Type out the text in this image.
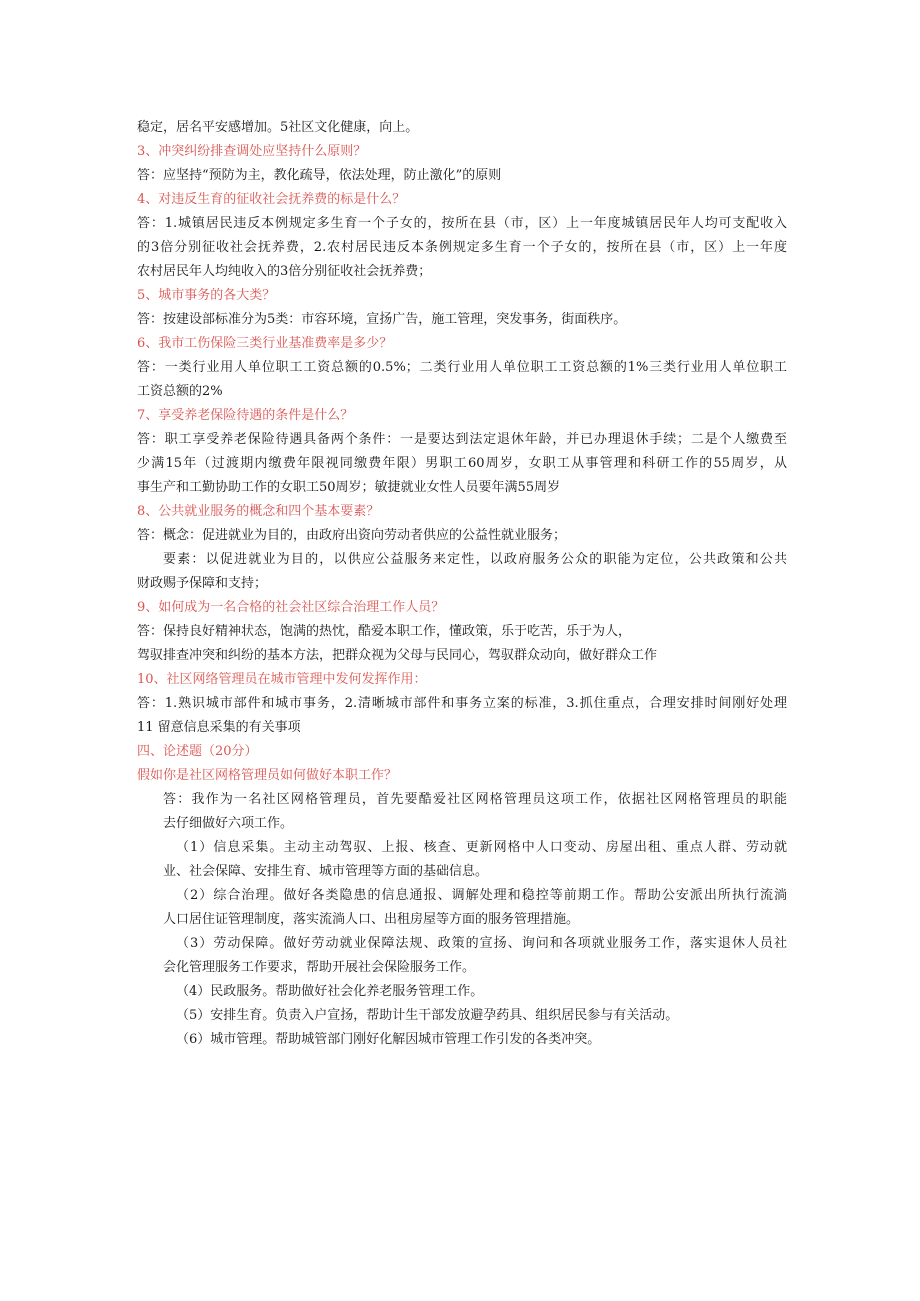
稳定，居名平安感增加。5社区文化健康，向上。
3、冲突纠纷排查调处应坚持什么原则？
答：应坚持“预防为主，教化疏导，依法处理，防止激化”的原则
4、对违反生育的征收社会抚养费的标是什么？
答：1.城镇居民违反本例规定多生育一个子女的，按所在县（市，区）上一年度城镇居民年人均可支配收入
的3倍分别征收社会抚养费，2.农村居民违反本条例规定多生育一个子女的，按所在县（市，区）上一年度
农村居民年人均纯收入的3倍分别征收社会抚养费；
5、城市事务的各大类？
答：按建设部标准分为5类：市容环境，宣扬广告，施工管理，突发事务，街面秩序。
6、我市工伤保险三类行业基准费率是多少？
答：一类行业用人单位职工工资总额的0.5%；二类行业用人单位职工工资总额的1%三类行业用人单位职工
工资总额的2%
7、享受养老保险待遇的条件是什么？
答：职工享受养老保险待遇具备两个条件：一是要达到法定退休年龄，并已办理退休手续；二是个人缴费至
少满15年（过渡期内缴费年限视同缴费年限）男职工60周岁，女职工从事管理和科研工作的55周岁，从
事生产和工勤协助工作的女职工50周岁；敏捷就业女性人员要年满55周岁
8、公共就业服务的概念和四个基本要素？
答：概念：促进就业为目的，由政府出资向劳动者供应的公益性就业服务；
要素：以促进就业为目的，以供应公益服务来定性，以政府服务公众的职能为定位，公共政策和公共
财政赐予保障和支持；
9、如何成为一名合格的社会社区综合治理工作人员？
答：保持良好精神状态，饱满的热忱，酷爱本职工作，懂政策，乐于吃苦，乐于为人，
驾驭排查冲突和纠纷的基本方法，把群众视为父母与民同心，驾驭群众动向，做好群众工作
10、社区网络管理员在城市管理中发何发挥作用：
答：1.熟识城市部件和城市事务，2.清晰城市部件和事务立案的标准，3.抓住重点，合理安排时间刚好处理
11 留意信息采集的有关事项
四、论述题（20分）
假如你是社区网格管理员如何做好本职工作？
答：我作为一名社区网格管理员，首先要酷爱社区网格管理员这项工作，依据社区网格管理员的职能
去仔细做好六项工作。
（1）信息采集。主动主动驾驭、上报、核查、更新网格中人口变动、房屋出租、重点人群、劳动就
业、社会保障、安排生育、城市管理等方面的基础信息。
（2）综合治理。做好各类隐患的信息通报、调解处理和稳控等前期工作。帮助公安派出所执行流淌
人口居住证管理制度，落实流淌人口、出租房屋等方面的服务管理措施。
（3）劳动保障。做好劳动就业保障法规、政策的宣扬、询问和各项就业服务工作，落实退休人员社
会化管理服务工作要求，帮助开展社会保险服务工作。
（4）民政服务。帮助做好社会化养老服务管理工作。
（5）安排生育。负责入户宣扬，帮助计生干部发放避孕药具、组织居民参与有关活动。
（6）城市管理。帮助城管部门刚好化解因城市管理工作引发的各类冲突。
